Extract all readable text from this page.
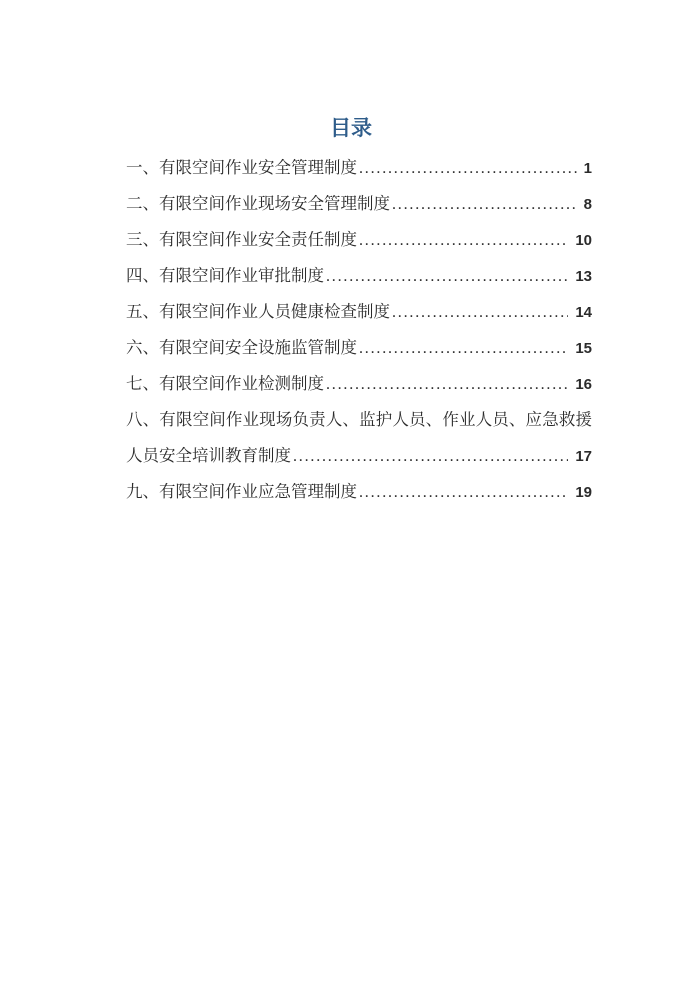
目录
一、有限空间作业安全管理制度 .....	1
二、有限空间作业现场安全管理制度 .....	8
三、有限空间作业安全责任制度 .....	10
四、有限空间作业审批制度 .....	13
五、有限空间作业人员健康检查制度 .....	14
六、有限空间安全设施监管制度 .....	15
七、有限空间作业检测制度 .....	16
八、有限空间作业现场负责人、监护人员、作业人员、应急救援
人员安全培训教育制度 .....	17
九、有限空间作业应急管理制度 .....	19
